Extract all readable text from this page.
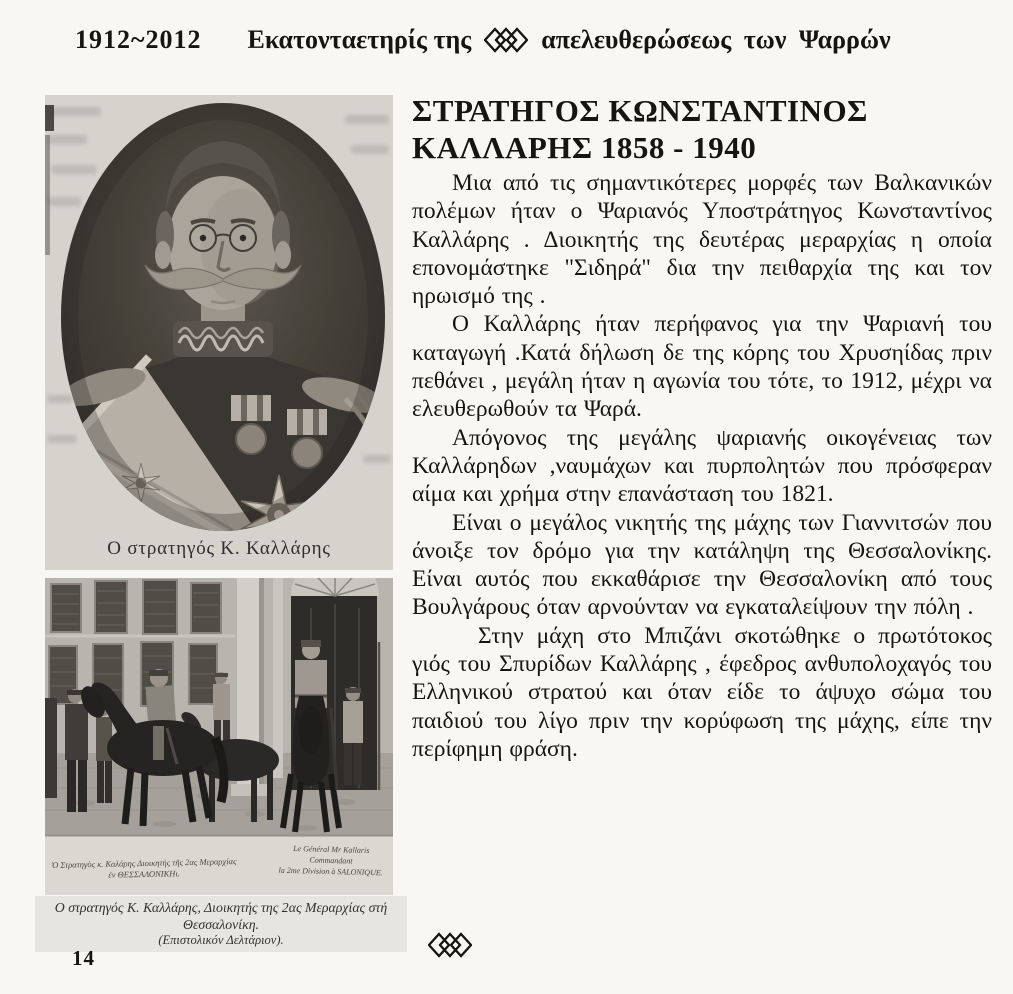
1912~2012 Εκατονταετηρίς της	απελευθερώσεως των Ψαρρών
Ο στρατηγός Κ. Καλλάρης
Ὁ Στρατηγὸς κ. Καλάρης Διοικητὴς τῆς 2ας Μεραρχίας
ἐν ΘΕΣΣΑΛΟΝΙΚΗι.
Le Général Mr Kallaris Commandant
la 2me Division à SALONIQUE.
Ο στρατηγός Κ. Καλλάρης, Διοικητής της 2ας Μεραρχίας στή Θεσσαλονίκη.
(Επιστολικόν Δελτάριον).
ΣΤΡΑΤΗΓΟΣ ΚΩΝΣΤΑΝΤΙΝΟΣ
ΚΑΛΛΑΡΗΣ 1858 - 1940

Μια από τις σημαντικότερες μορφές των Βαλκανικών πολέμων ήταν ο Ψαριανός Υποστράτηγος Κωνσταντίνος Καλλάρης . Διοικητής της δευτέρας μεραρχίας η οποία επονομάστηκε "Σιδηρά" δια την πειθαρχία της και τον ηρωισμό της .

Ο Καλλάρης ήταν περήφανος για την Ψαριανή του καταγωγή .Κατά δήλωση δε της κόρης του Χρυσηίδας πριν πεθάνει , μεγάλη ήταν η αγωνία του τότε, το 1912, μέχρι να ελευθερωθούν τα Ψαρά.

Απόγονος της μεγάλης ψαριανής οικογένειας των Καλλάρηδων ,ναυμάχων και πυρπολητών που πρόσφεραν αίμα και χρήμα στην επανάσταση του 1821.

Είναι ο μεγάλος νικητής της μάχης των Γιαννιτσών που άνοιξε τον δρόμο για την κατάληψη της Θεσσαλονίκης. Είναι αυτός που εκκαθάρισε την Θεσσαλονίκη από τους Βουλγάρους όταν αρνούνταν να εγκαταλείψουν την πόλη .

Στην μάχη στο Μπιζάνι σκοτώθηκε ο πρωτότοκος γιός του Σπυρίδων Καλλάρης , έφεδρος ανθυπολοχαγός του Ελληνικού στρατού και όταν είδε το άψυχο σώμα του παιδιού του λίγο πριν την κορύφωση της μάχης, είπε την περίφημη φράση.

14
